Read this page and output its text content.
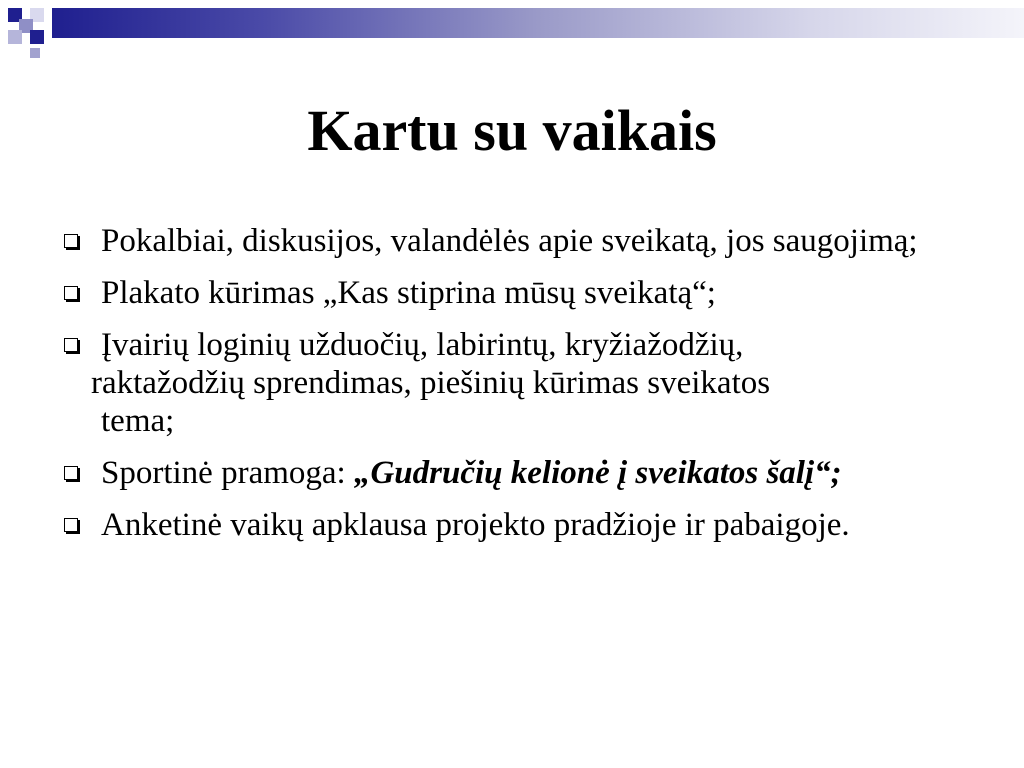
Kartu su vaikais
Pokalbiai, diskusijos, valandėlės apie sveikatą, jos saugojimą;
Plakato kūrimas „Kas stiprina mūsų sveikatą“;
Įvairių loginių užduočių, labirintų, kryžiažodžių,

raktažodžių sprendimas, piešinių kūrimas sveikatos
tema;
Sportinė pramoga: „Gudručių kelionė į sveikatos šalį“;
Anketinė vaikų apklausa projekto pradžioje ir pabaigoje.
